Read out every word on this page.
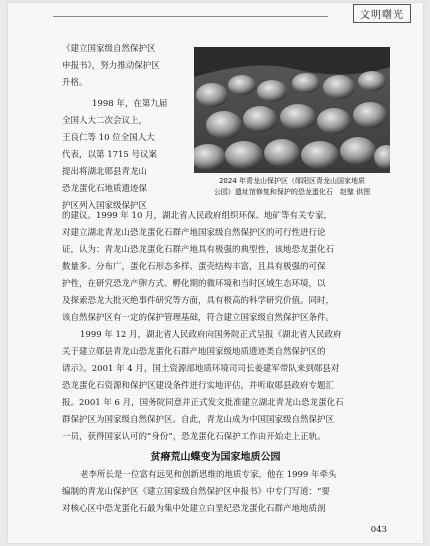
文明曙光
《建立国家级自然保护区
申报书》，努力推动保护区
升格。
1998 年，在第九届
全国人大二次会议上，
王良仁等 10 位全国人大
代表，以第 1715 号议案
提出将湖北郧县青龙山
恐龙蛋化石地质遗迹保
护区列入国家级保护区
2024 年青龙山保护区（郧阳区青龙山国家地质
公园）遗址馆修复和保护的恐龙蛋化石　赵璧 供图
的建议。1999 年 10 月，湖北省人民政府组织环保、地矿等有关专家，
对建立湖北青龙山恐龙蛋化石群产地国家级自然保护区的可行性进行论
证，认为：青龙山恐龙蛋化石群产地具有极强的典型性，该地恐龙蛋化石
数量多、分布广，蛋化石形态多样、蛋壳结构丰富，且具有极强的可保
护性，在研究恐龙产卵方式、孵化期的微环境和当时区域生态环境，以
及探索恐龙大批灭绝事件研究等方面，具有极高的科学研究价值。同时，
该自然保护区有一定的保护管理基础，符合建立国家级自然保护区条件。
1999 年 12 月，湖北省人民政府向国务院正式呈报《湖北省人民政府
关于建立郧县青龙山恐龙蛋化石群产地国家级地质遗迹类自然保护区的
请示》。2001 年 4 月，国土资源部地质环境司司长姜建军带队来到郧县对
恐龙蛋化石资源和保护区建设条件进行实地评估，并听取郧县政府专题汇
报。2001 年 6 月，国务院同意并正式发文批准建立湖北青龙山恐龙蛋化石
群保护区为国家级自然保护区。自此，青龙山成为中国国家级自然保护区
一员，获得国家认可的“身份”，恐龙蛋化石保护工作由开始走上正轨。
贫瘠荒山蝶变为国家地质公园
老李所长是一位富有远见和创新思维的地质专家，他在 1999 年牵头
编制的青龙山保护区《建立国家级自然保护区申报书》中专门写道：“要
对核心区中恐龙蛋化石最为集中处建立白垩纪恐龙蛋化石群产地地质剖
043
